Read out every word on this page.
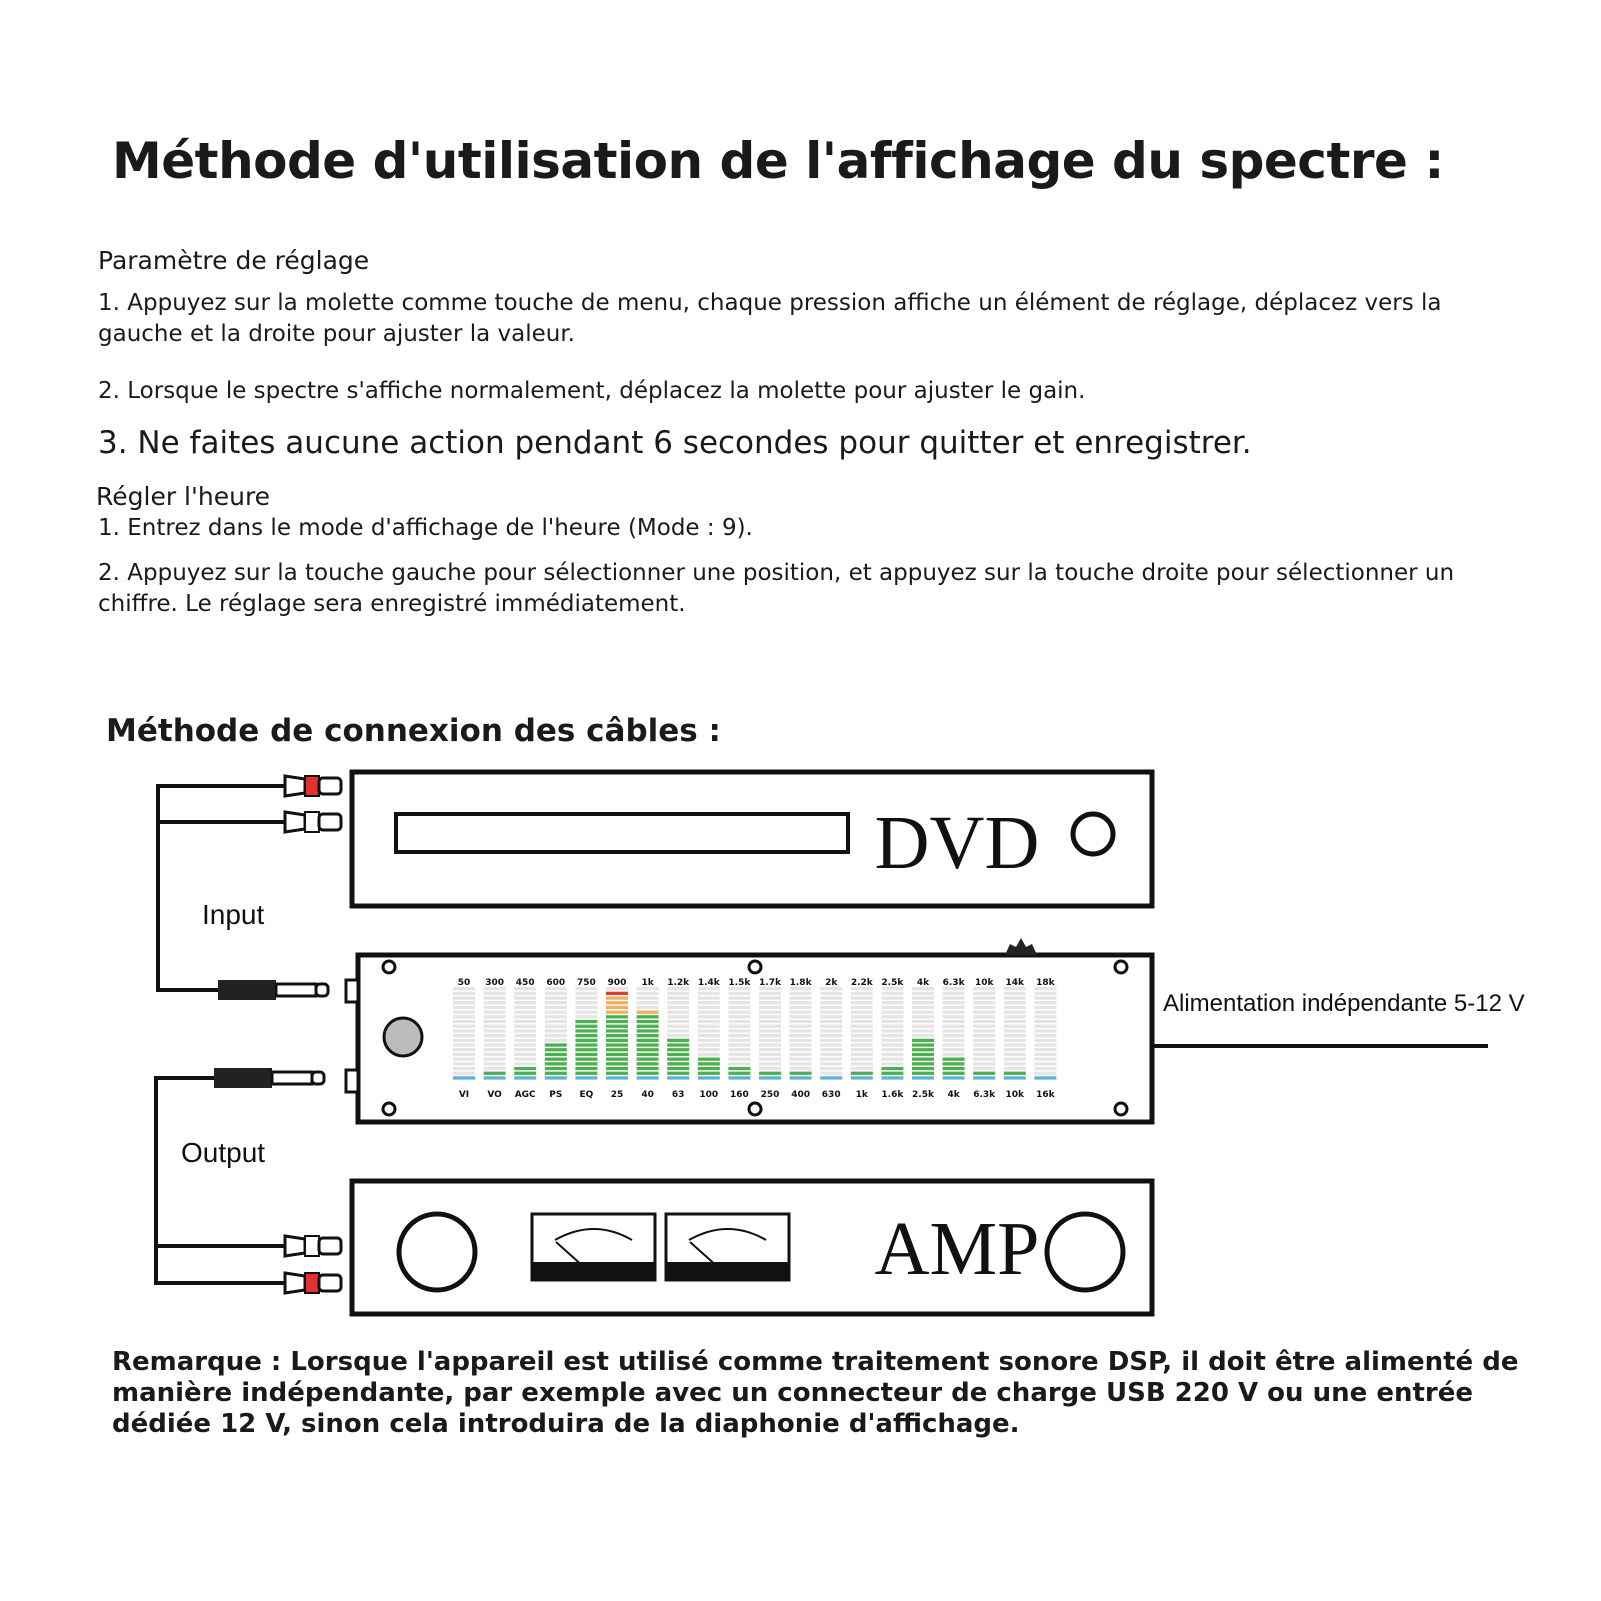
Méthode d'utilisation de l'affichage du spectre :
Paramètre de réglage

1. Appuyez sur la molette comme touche de menu, chaque pression affiche un élément de réglage, déplacez vers la gauche et la droite pour ajuster la valeur.

2. Lorsque le spectre s'affiche normalement, déplacez la molette pour ajuster le gain.

3. Ne faites aucune action pendant 6 secondes pour quitter et enregistrer.

Régler l'heure

1. Entrez dans le mode d'affichage de l'heure (Mode : 9).

2. Appuyez sur la touche gauche pour sélectionner une position, et appuyez sur la touche droite pour sélectionner un chiffre. Le réglage sera enregistré immédiatement.

Méthode de connexion des câbles :
DVD
Input
50 300 450 600 750 900 1k 1.2k 1.4k 1.5k 1.7k 1.8k 2k 2.2k 2.5k 4k 6.3k 10k 14k 18k
VI VO AGC PS EQ 25 40 63 100 160 250 400 630 1k 1.6k 2.5k 4k 6.3k 10k 16k
Alimentation indépendante 5-12 V
Output
AMP

Remarque : Lorsque l'appareil est utilisé comme traitement sonore DSP, il doit être alimenté de manière indépendante, par exemple avec un connecteur de charge USB 220 V ou une entrée dédiée 12 V, sinon cela introduira de la diaphonie d'affichage.
